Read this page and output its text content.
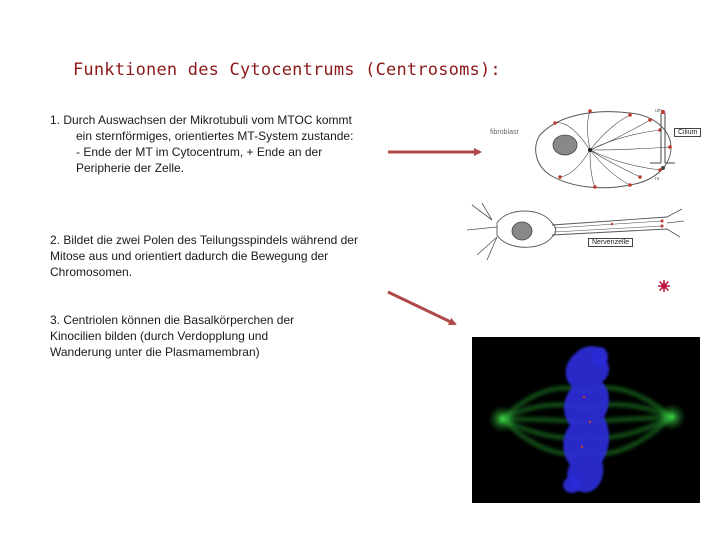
Funktionen des Cytocentrums (Centrosoms):

1. Durch Auswachsen der Mikrotubuli vom MTOC kommt

ein sternförmiges, orientiertes MT-System zustande:
- Ende der MT im Cytocentrum, + Ende an der
Peripherie der Zelle.

2. Bildet die zwei Polen des Teilungsspindels während der
Mitose aus und orientiert dadurch die Bewegung der
Chromosomen.

3. Centriolen können die Basalkörperchen der
Kinocilien bilden (durch Verdopplung und
Wanderung unter die Plasmamembran)

fibroblast	Cilium
Nervenzelle
um
ru
